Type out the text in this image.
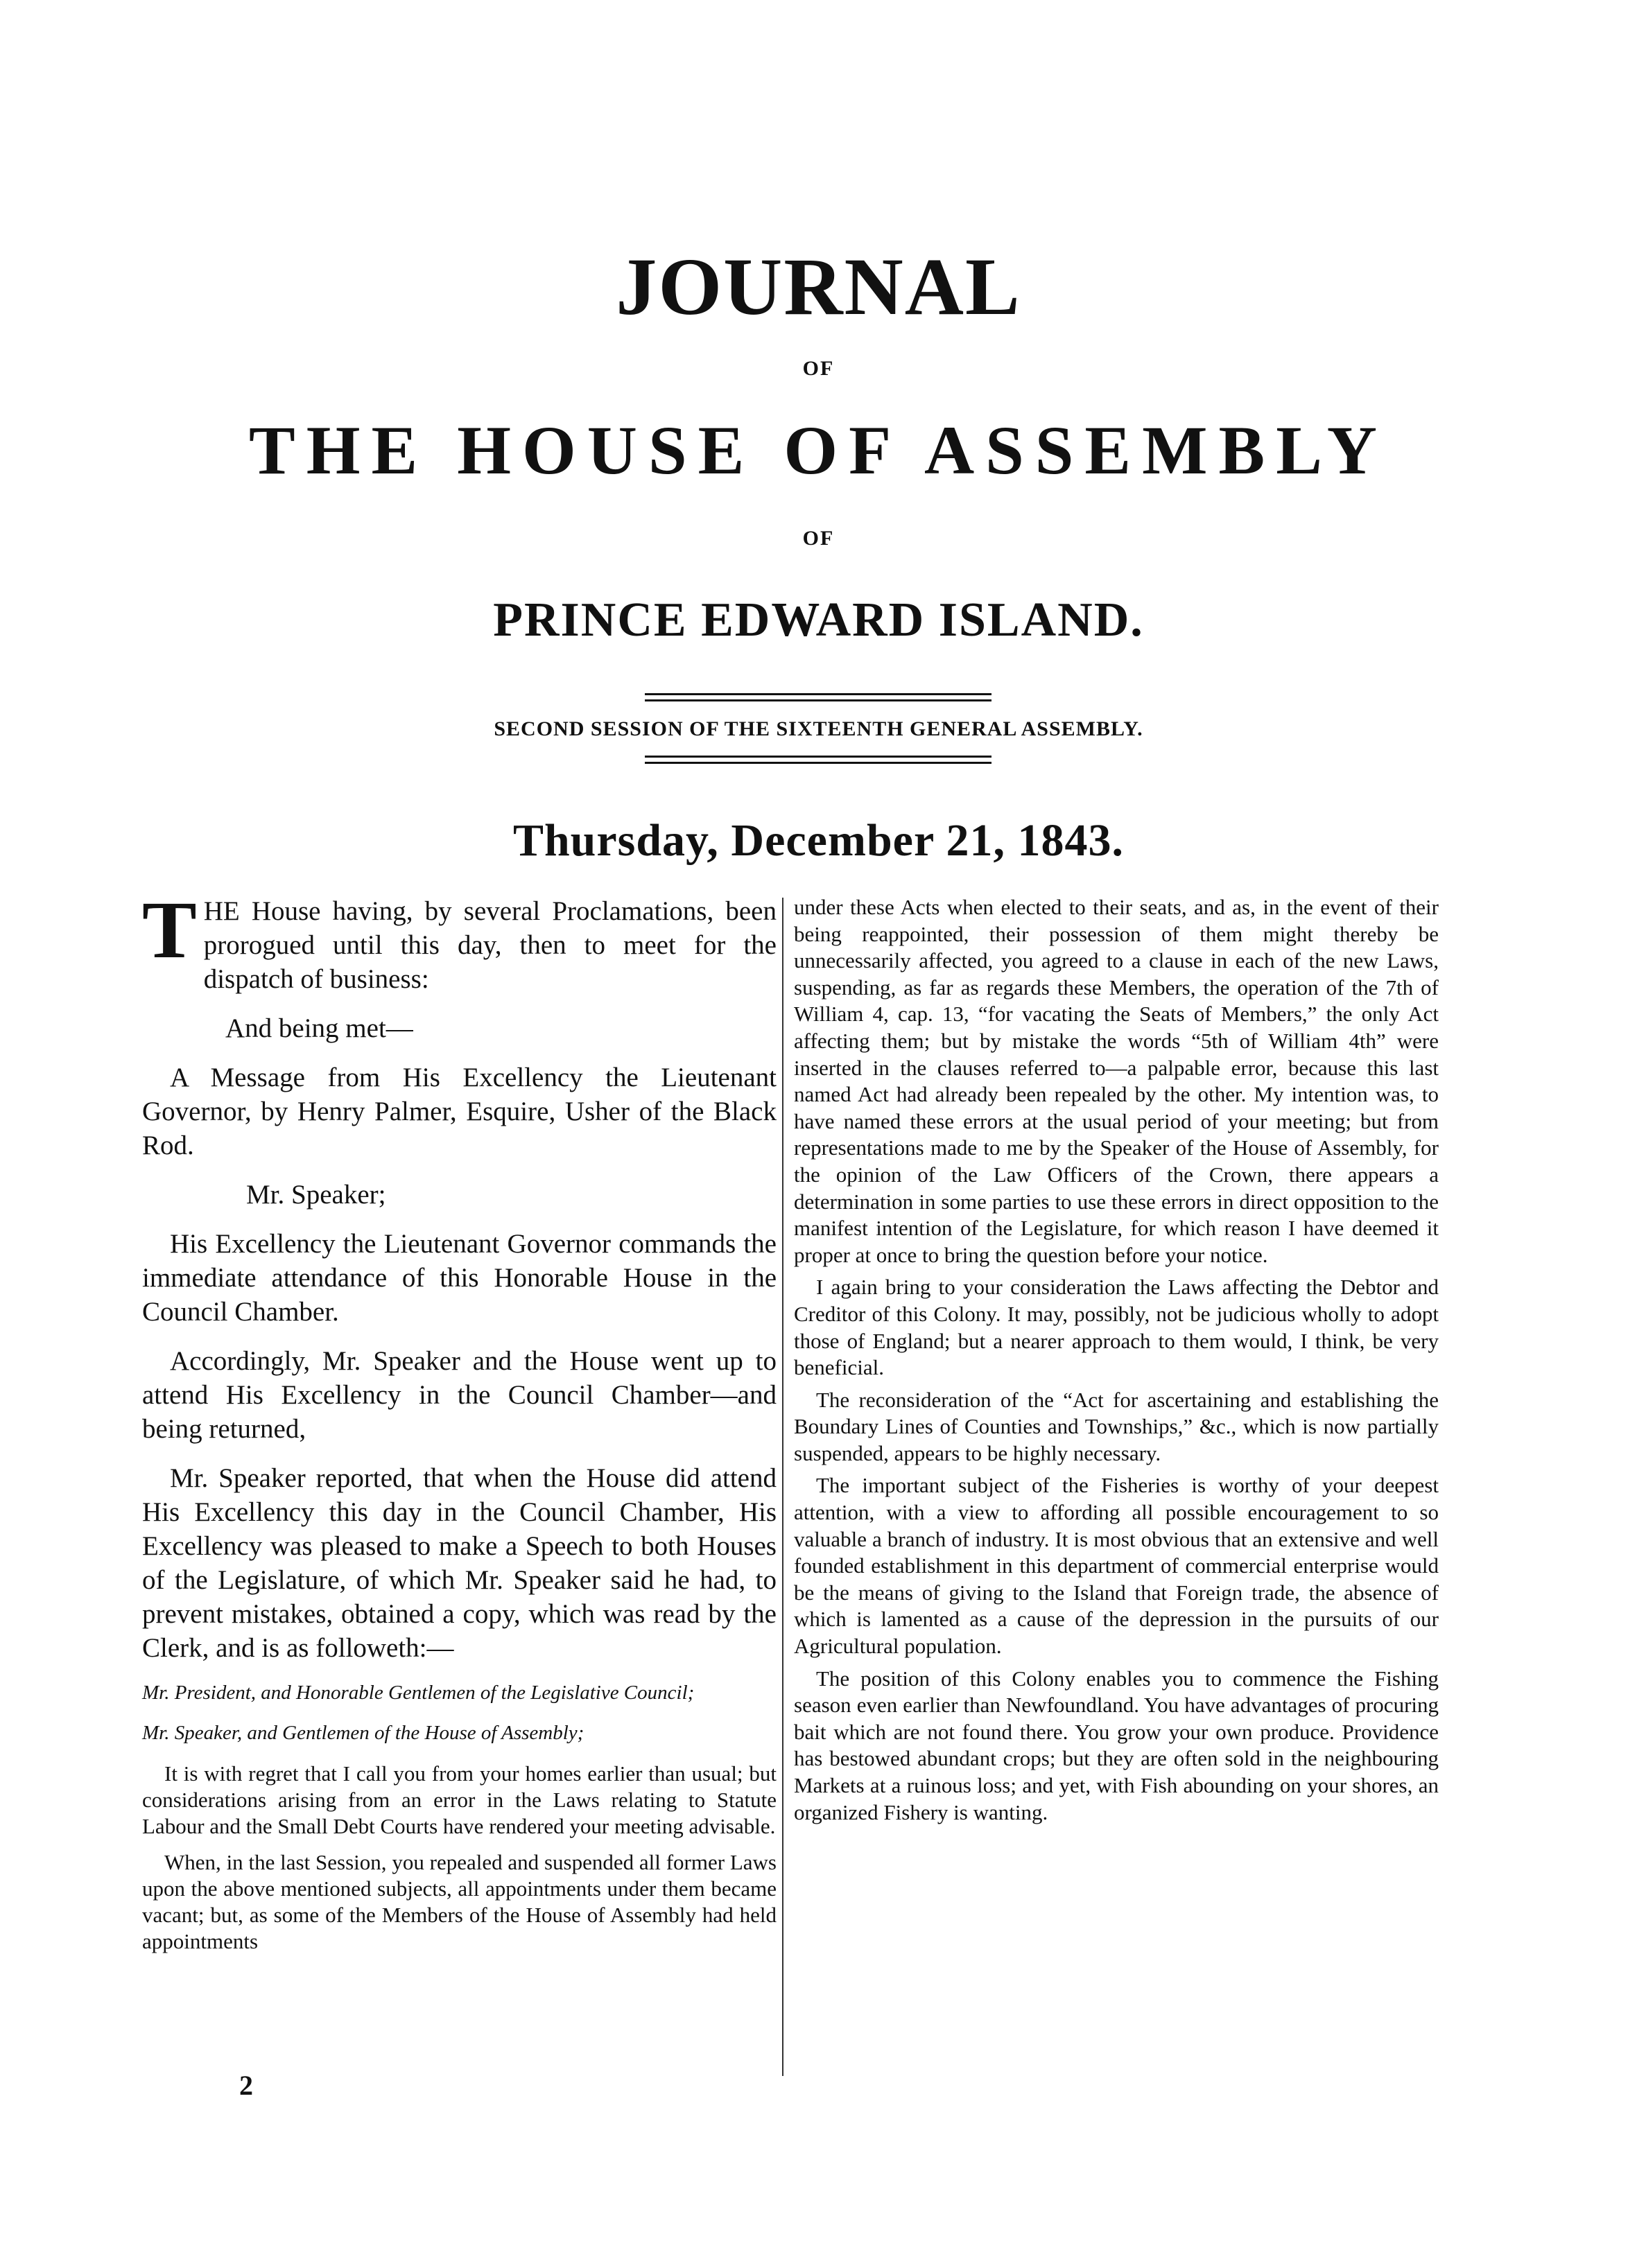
JOURNAL
OF
THE HOUSE OF ASSEMBLY
OF
PRINCE EDWARD ISLAND.
SECOND SESSION OF THE SIXTEENTH GENERAL ASSEMBLY.
Thursday, December 21, 1843.

THE House having, by several Proclamations, been prorogued until this day, then to meet for the dispatch of business:

And being met—

A Message from His Excellency the Lieutenant Governor, by Henry Palmer, Esquire, Usher of the Black Rod.

Mr. Speaker;

His Excellency the Lieutenant Governor commands the immediate attendance of this Honorable House in the Council Chamber.

Accordingly, Mr. Speaker and the House went up to attend His Excellency in the Council Chamber—and being returned,

Mr. Speaker reported, that when the House did attend His Excellency this day in the Council Chamber, His Excellency was pleased to make a Speech to both Houses of the Legislature, of which Mr. Speaker said he had, to prevent mistakes, obtained a copy, which was read by the Clerk, and is as followeth:—

Mr. President, and Honorable Gentlemen of the Legislative Council;

Mr. Speaker, and Gentlemen of the House of Assembly;

It is with regret that I call you from your homes earlier than usual; but considerations arising from an error in the Laws relating to Statute Labour and the Small Debt Courts have rendered your meeting advisable.

When, in the last Session, you repealed and suspended all former Laws upon the above mentioned subjects, all appointments under them became vacant; but, as some of the Members of the House of Assembly had held appointments

under these Acts when elected to their seats, and as, in the event of their being reappointed, their possession of them might thereby be unnecessarily affected, you agreed to a clause in each of the new Laws, suspending, as far as regards these Members, the operation of the 7th of William 4, cap. 13, “for vacating the Seats of Members,” the only Act affecting them; but by mistake the words “5th of William 4th” were inserted in the clauses referred to—a palpable error, because this last named Act had already been repealed by the other. My intention was, to have named these errors at the usual period of your meeting; but from representations made to me by the Speaker of the House of Assembly, for the opinion of the Law Officers of the Crown, there appears a determination in some parties to use these errors in direct opposition to the manifest intention of the Legislature, for which reason I have deemed it proper at once to bring the question before your notice.

I again bring to your consideration the Laws affecting the Debtor and Creditor of this Colony. It may, possibly, not be judicious wholly to adopt those of England; but a nearer approach to them would, I think, be very beneficial.

The reconsideration of the “Act for ascertaining and establishing the Boundary Lines of Counties and Townships,” &c., which is now partially suspended, appears to be highly necessary.

The important subject of the Fisheries is worthy of your deepest attention, with a view to affording all possible encouragement to so valuable a branch of industry. It is most obvious that an extensive and well founded establishment in this department of commercial enterprise would be the means of giving to the Island that Foreign trade, the absence of which is lamented as a cause of the depression in the pursuits of our Agricultural population.

The position of this Colony enables you to commence the Fishing season even earlier than Newfoundland. You have advantages of procuring bait which are not found there. You grow your own produce. Providence has bestowed abundant crops; but they are often sold in the neighbouring Markets at a ruinous loss; and yet, with Fish abounding on your shores, an organized Fishery is wanting.

2
